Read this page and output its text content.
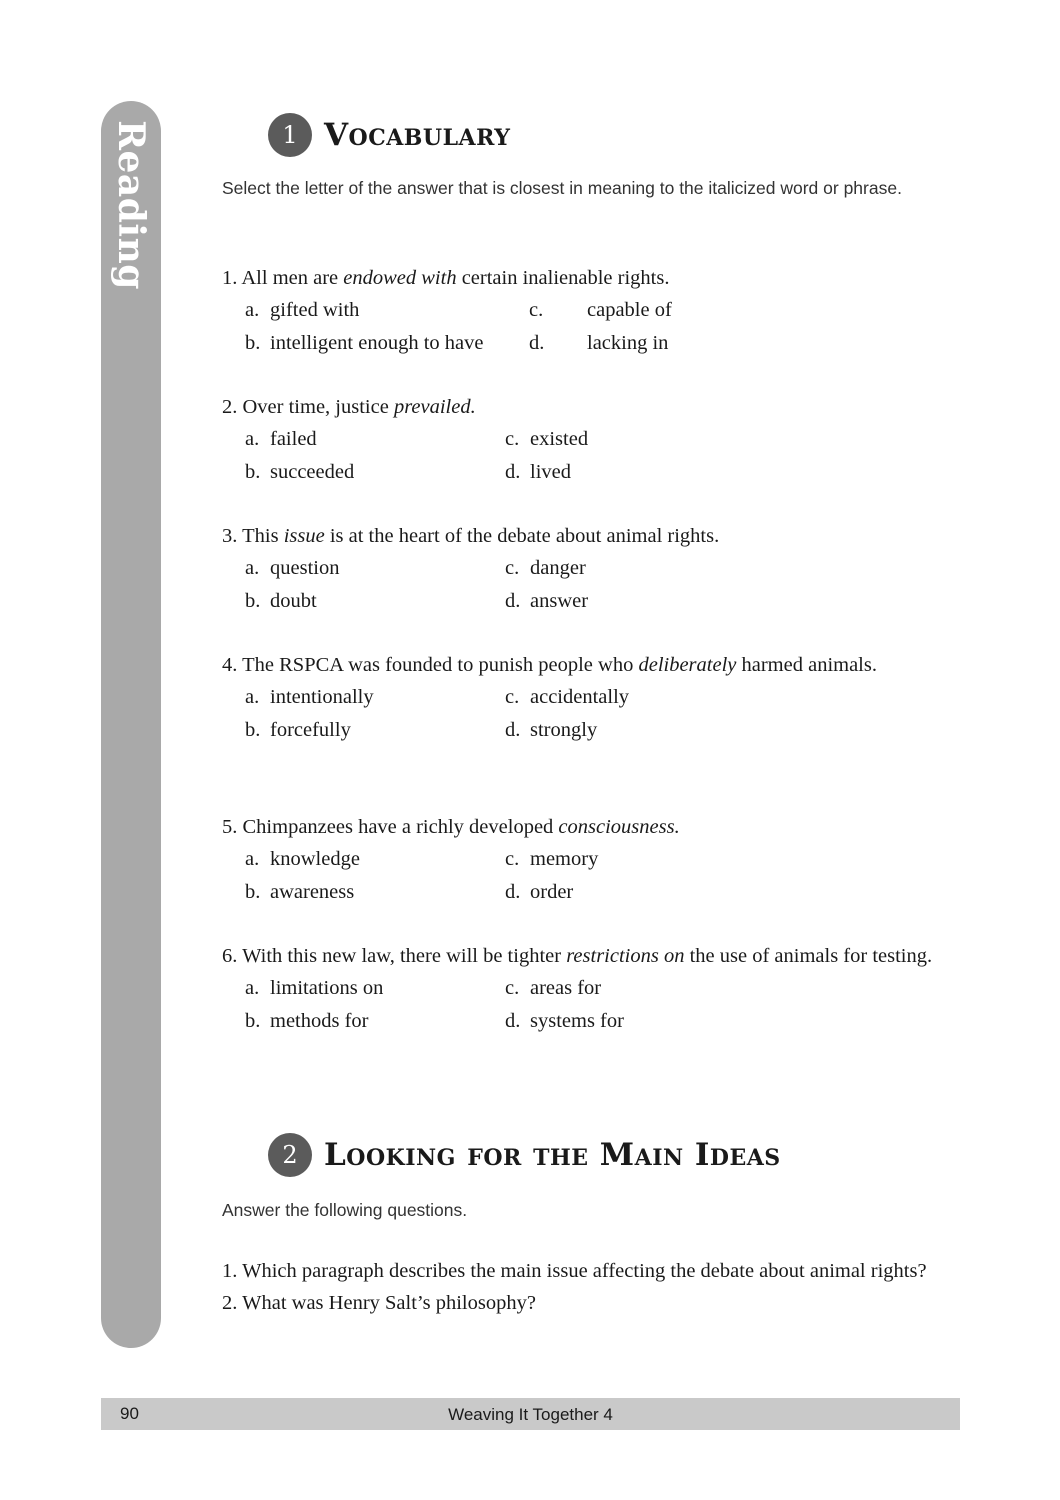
Reading	1 Vocabulary
Select the letter of the answer that is closest in meaning to the italicized word or phrase.
1. All men are endowed with certain inalienable rights.
a. gifted with	c. capable of
b. intelligent enough to have d. lacking in
2. Over time, justice prevailed.
a. failed	c. existed
b. succeeded	d. lived
3. This issue is at the heart of the debate about animal rights.
a. question	c. danger
b. doubt	d. answer
4. The RSPCA was founded to punish people who deliberately harmed animals.
a. intentionally	c. accidentally
b. forcefully	d. strongly
5. Chimpanzees have a richly developed consciousness.
a. knowledge	c. memory
b. awareness	d. order
6. With this new law, there will be tighter restrictions on the use of animals for testing.
a. limitations on	c. areas for
b. methods for	d. systems for
2 Looking for the Main Ideas
Answer the following questions.
1. Which paragraph describes the main issue affecting the debate about animal rights?
2. What was Henry Salt’s philosophy?
90	Weaving It Together 4
